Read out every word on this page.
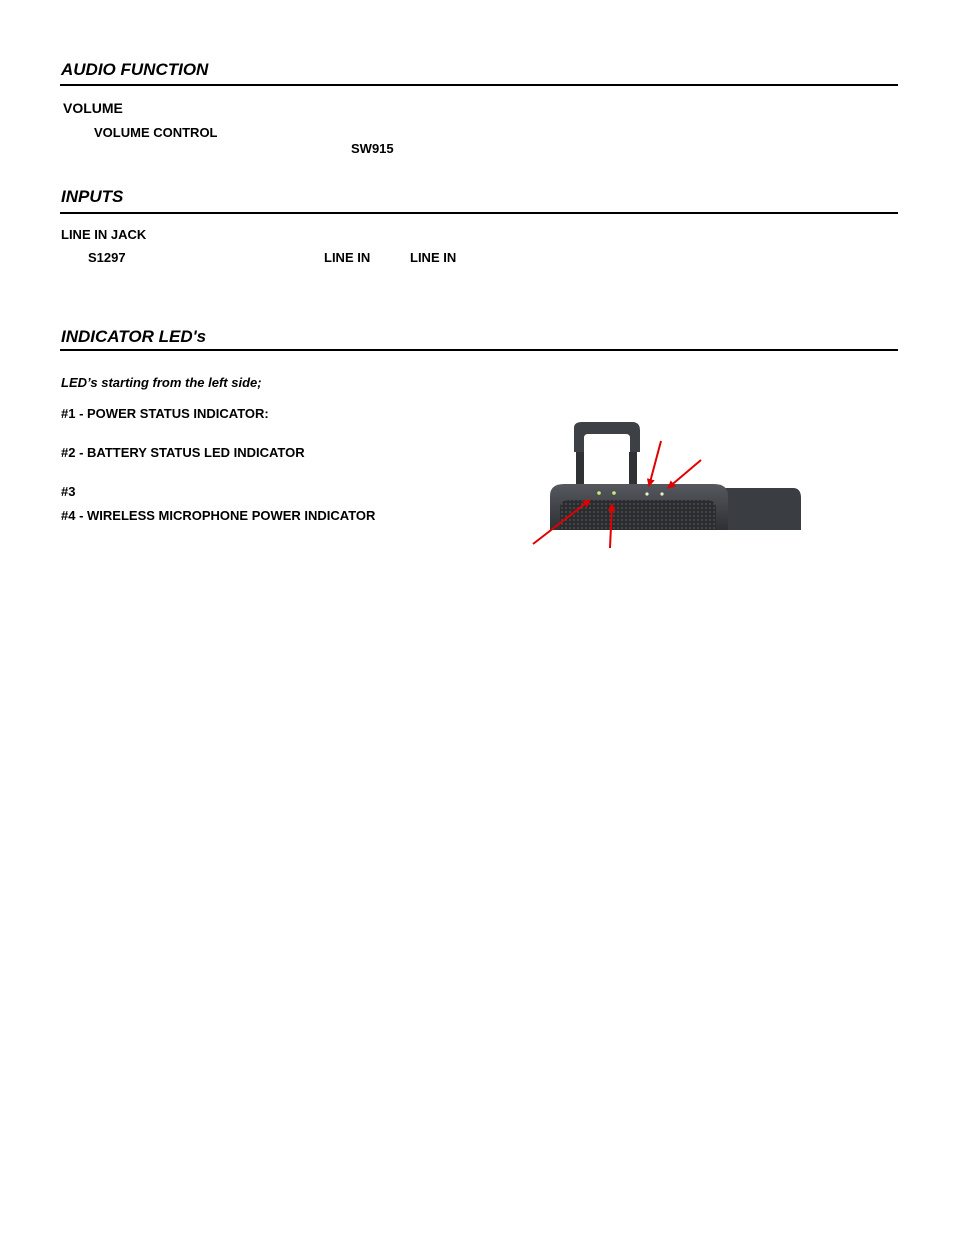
AUDIO FUNCTION
VOLUME
VOLUME CONTROL
SW915
INPUTS
LINE IN JACK
S1297	LINE IN	LINE IN
INDICATOR LED's
LED’s starting from the left side;
#1 - POWER STATUS INDICATOR:
#2 - BATTERY STATUS LED INDICATOR
#3
#4 - WIRELESS MICROPHONE POWER INDICATOR
